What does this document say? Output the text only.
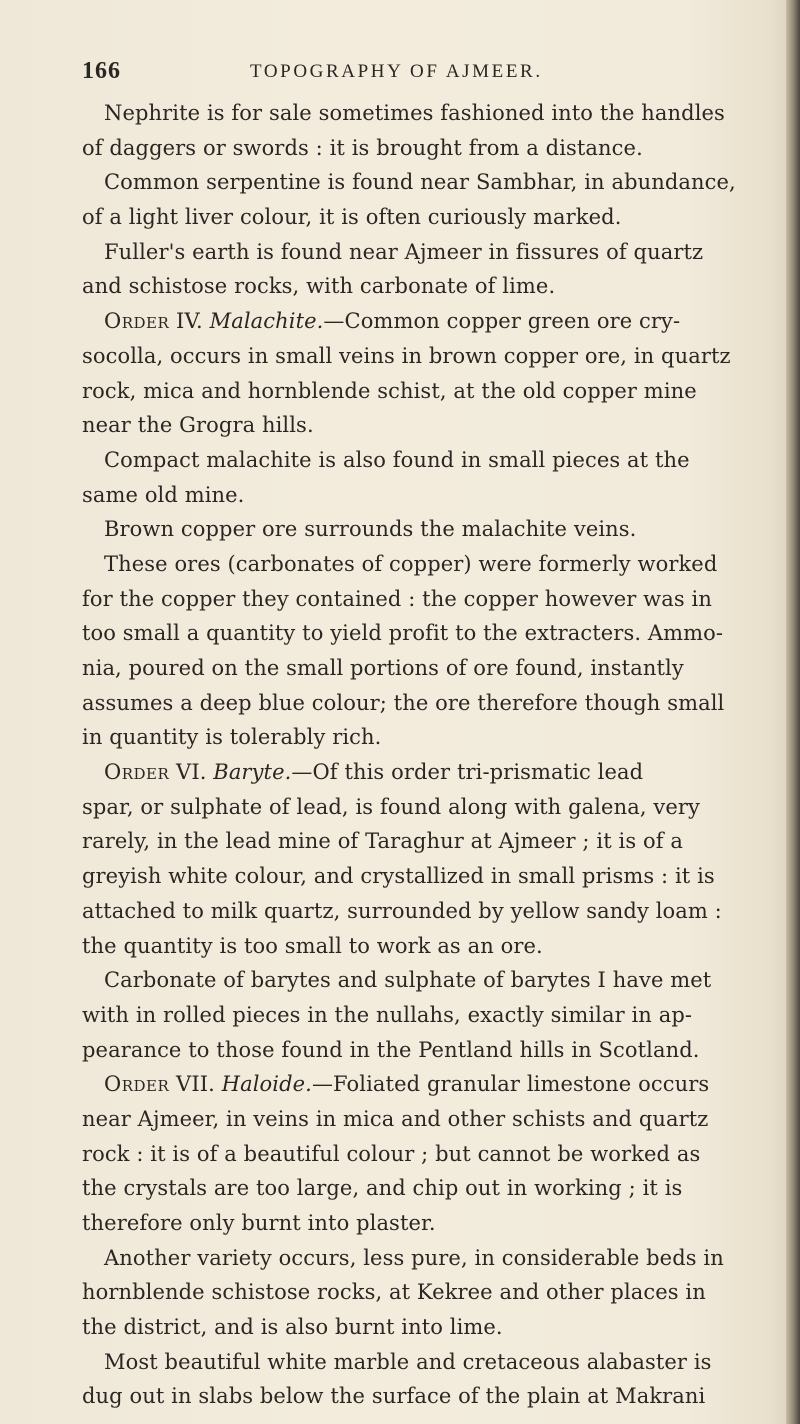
166	TOPOGRAPHY OF AJMEER.
Nephrite is for sale sometimes fashioned into the handles
of daggers or swords : it is brought from a distance.
Common serpentine is found near Sambhar, in abundance,
of a light liver colour, it is often curiously marked.
Fuller's earth is found near Ajmeer in fissures of quartz
and schistose rocks, with carbonate of lime.
Order IV. Malachite.—Common copper green ore cry-
socolla, occurs in small veins in brown copper ore, in quartz
rock, mica and hornblende schist, at the old copper mine
near the Grogra hills.
Compact malachite is also found in small pieces at the
same old mine.
Brown copper ore surrounds the malachite veins.
These ores (carbonates of copper) were formerly worked
for the copper they contained : the copper however was in
too small a quantity to yield profit to the extracters. Ammo-
nia, poured on the small portions of ore found, instantly
assumes a deep blue colour; the ore therefore though small
in quantity is tolerably rich.
Order VI. Baryte.—Of this order tri-prismatic lead
spar, or sulphate of lead, is found along with galena, very
rarely, in the lead mine of Taraghur at Ajmeer ; it is of a
greyish white colour, and crystallized in small prisms : it is
attached to milk quartz, surrounded by yellow sandy loam :
the quantity is too small to work as an ore.
Carbonate of barytes and sulphate of barytes I have met
with in rolled pieces in the nullahs, exactly similar in ap-
pearance to those found in the Pentland hills in Scotland.
Order VII. Haloide.—Foliated granular limestone occurs
near Ajmeer, in veins in mica and other schists and quartz
rock : it is of a beautiful colour ; but cannot be worked as
the crystals are too large, and chip out in working ; it is
therefore only burnt into plaster.
Another variety occurs, less pure, in considerable beds in
hornblende schistose rocks, at Kekree and other places in
the district, and is also burnt into lime.
Most beautiful white marble and cretaceous alabaster is
dug out in slabs below the surface of the plain at Makrani
